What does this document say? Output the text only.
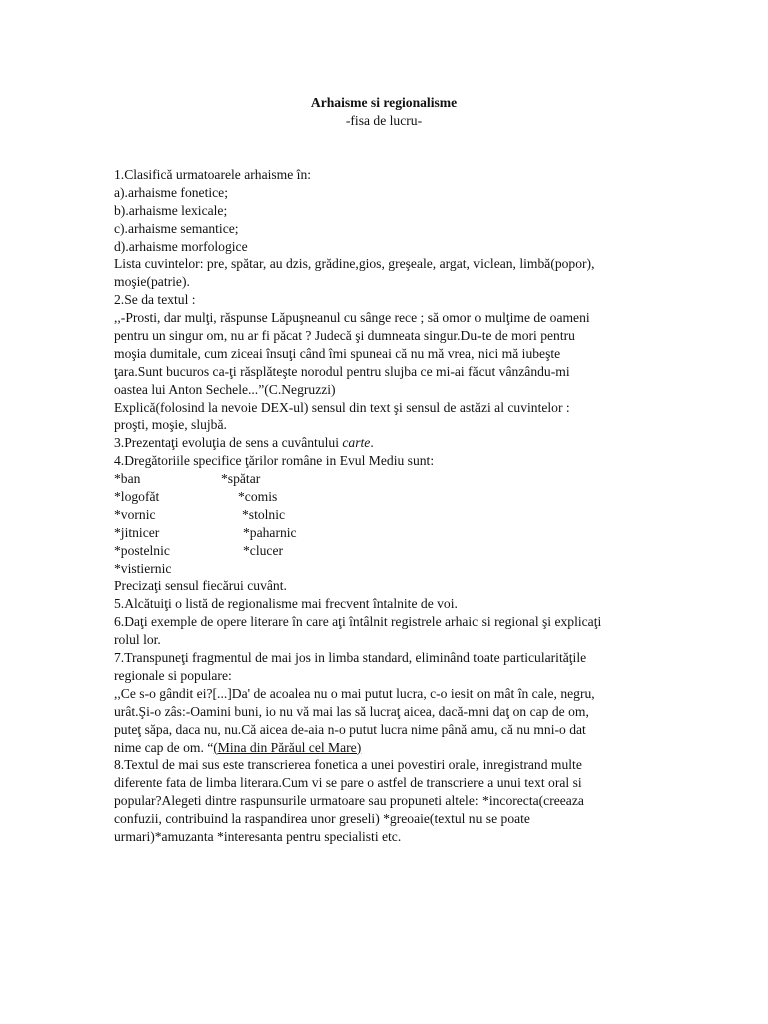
Arhaisme si regionalisme
-fisa de lucru-
1.Clasifică urmatoarele arhaisme în:
a).arhaisme fonetice;
b).arhaisme lexicale;
c).arhaisme semantice;
d).arhaisme morfologice
Lista cuvintelor: pre, spătar, au dzis, grădine,gios, greşeale, argat, viclean, limbă(popor),
moşie(patrie).
2.Se da textul :
,,-Prosti, dar mulţi, răspunse Lăpuşneanul cu sânge rece ; să omor o mulţime de oameni
pentru un singur om, nu ar fi păcat ? Judecă şi dumneata singur.Du-te de mori pentru
moşia dumitale, cum ziceai însuţi când îmi spuneai că nu mă vrea, nici mă iubeşte
ţara.Sunt bucuros ca-ţi răsplăteşte norodul pentru slujba ce mi-ai făcut vânzându-mi
oastea lui Anton Sechele...”(C.Negruzzi)
Explică(folosind la nevoie DEX-ul) sensul din text şi sensul de astăzi al cuvintelor :
proşti, moşie, slujbă.
3.Prezentaţi evoluţia de sens a cuvântului carte.
4.Dregătoriile specifice ţărilor române in Evul Mediu sunt:
*ban	*spătar
*logofăt	*comis
*vornic	*stolnic
*jitnicer	*paharnic
*postelnic	*clucer
*vistiernic
Precizaţi sensul fiecărui cuvânt.
5.Alcătuiţi o listă de regionalisme mai frecvent întalnite de voi.
6.Daţi exemple de opere literare în care aţi întâlnit registrele arhaic si regional şi explicaţi
rolul lor.
7.Transpuneţi fragmentul de mai jos in limba standard, eliminând toate particularităţile
regionale si populare:
,,Ce s-o gândit ei?[...]Da' de acoalea nu o mai putut lucra, c-o iesit on mât în cale, negru,
urât.Şi-o zâs:-Oamini buni, io nu vă mai las să lucraţ aicea, dacă-mni daţ on cap de om,
puteţ săpa, daca nu, nu.Că aicea de-aia n-o putut lucra nime până amu, că nu mni-o dat
nime cap de om. “(Mina din Părăul cel Mare)
8.Textul de mai sus este transcrierea fonetica a unei povestiri orale, inregistrand multe
diferente fata de limba literara.Cum vi se pare o astfel de transcriere a unui text oral si
popular?Alegeti dintre raspunsurile urmatoare sau propuneti altele: *incorecta(creeaza
confuzii, contribuind la raspandirea unor greseli) *greoaie(textul nu se poate
urmari)*amuzanta *interesanta pentru specialisti etc.
